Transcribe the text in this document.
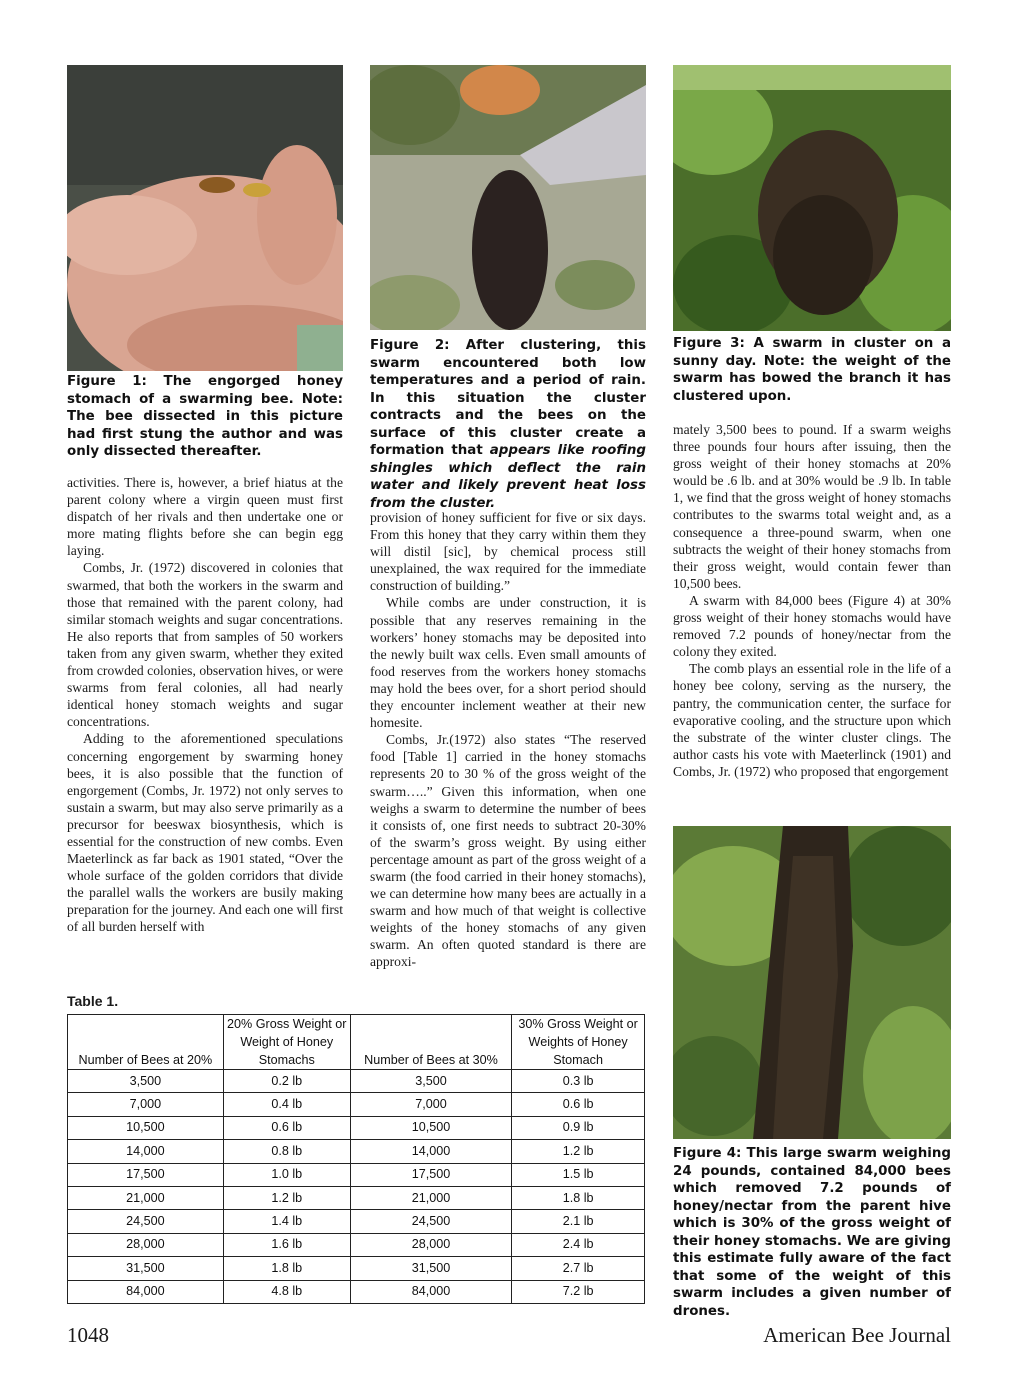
Figure 1: The engorged honey stomach of a swarming bee. Note: The bee dissected in this picture had first stung the author and was only dissected thereafter.
Figure 2: After clustering, this swarm encountered both low temperatures and a period of rain. In this situation the cluster contracts and the bees on the surface of this cluster create a formation that appears like roofing shingles which deflect the rain water and likely prevent heat loss from the cluster.
Figure 3: A swarm in cluster on a sunny day. Note: the weight of the swarm has bowed the branch it has clustered upon.
Figure 4: This large swarm weighing 24 pounds, contained 84,000 bees which removed 7.2 pounds of honey/nectar from the parent hive which is 30% of the gross weight of their honey stomachs. We are giving this estimate fully aware of the fact that some of the weight of this swarm includes a given number of drones.

activities. There is, however, a brief hiatus at the parent colony where a virgin queen must first dispatch of her rivals and then undertake one or more mating flights before she can begin egg laying.

Combs, Jr. (1972) discovered in colonies that swarmed, that both the workers in the swarm and those that remained with the parent colony, had similar stomach weights and sugar concentrations. He also reports that from samples of 50 workers taken from any given swarm, whether they exited from crowded colonies, observation hives, or were swarms from feral colonies, all had nearly identical honey stomach weights and sugar concentrations.

Adding to the aforementioned speculations concerning engorgement by swarming honey bees, it is also possible that the function of engorgement (Combs, Jr. 1972) not only serves to sustain a swarm, but may also serve primarily as a precursor for beeswax biosynthesis, which is essential for the construction of new combs. Even Maeterlinck as far back as 1901 stated, “Over the whole surface of the golden corridors that divide the parallel walls the workers are busily making preparation for the journey. And each one will first of all burden herself with

provision of honey sufficient for five or six days. From this honey that they carry within them they will distil [sic], by chemical process still unexplained, the wax required for the immediate construction of building.”

While combs are under construction, it is possible that any reserves remaining in the workers’ honey stomachs may be deposited into the newly built wax cells. Even small amounts of food reserves from the workers honey stomachs may hold the bees over, for a short period should they encounter inclement weather at their new homesite.

Combs, Jr.(1972) also states “The reserved food [Table 1] carried in the honey stomachs represents 20 to 30 % of the gross weight of the swarm…..” Given this information, when one weighs a swarm to determine the number of bees it consists of, one first needs to subtract 20-30% of the swarm’s gross weight. By using either percentage amount as part of the gross weight of a swarm (the food carried in their honey stomachs), we can determine how many bees are actually in a swarm and how much of that weight is collective weights of the honey stomachs of any given swarm. An often quoted standard is there are approxi-

mately 3,500 bees to pound. If a swarm weighs three pounds four hours after issuing, then the gross weight of their honey stomachs at 20% would be .6 lb. and at 30% would be .9 lb. In table 1, we find that the gross weight of honey stomachs contributes to the swarms total weight and, as a consequence a three-pound swarm, when one subtracts the weight of their honey stomachs from their gross weight, would contain fewer than 10,500 bees.

A swarm with 84,000 bees (Figure 4) at 30% gross weight of their honey stomachs would have removed 7.2 pounds of honey/nectar from the colony they exited.

The comb plays an essential role in the life of a honey bee colony, serving as the nursery, the pantry, the communication center, the surface for evaporative cooling, and the structure upon which the substrate of the winter cluster clings. The author casts his vote with Maeterlinck (1901) and Combs, Jr. (1972) who proposed that engorgement

Table 1.
Number of Bees at 20%	20% Gross Weight or Weight of Honey Stomachs	Number of Bees at 30%	30% Gross Weight or Weights of Honey Stomach
3,500	0.2 lb	3,500	0.3 lb
7,000	0.4 lb	7,000	0.6 lb
10,500	0.6 lb	10,500	0.9 lb
14,000	0.8 lb	14,000	1.2 lb
17,500	1.0 lb	17,500	1.5 lb
21,000	1.2 lb	21,000	1.8 lb
24,500	1.4 lb	24,500	2.1 lb
28,000	1.6 lb	28,000	2.4 lb
31,500	1.8 lb	31,500	2.7 lb
84,000	4.8 lb	84,000	7.2 lb
1048	American Bee Journal
